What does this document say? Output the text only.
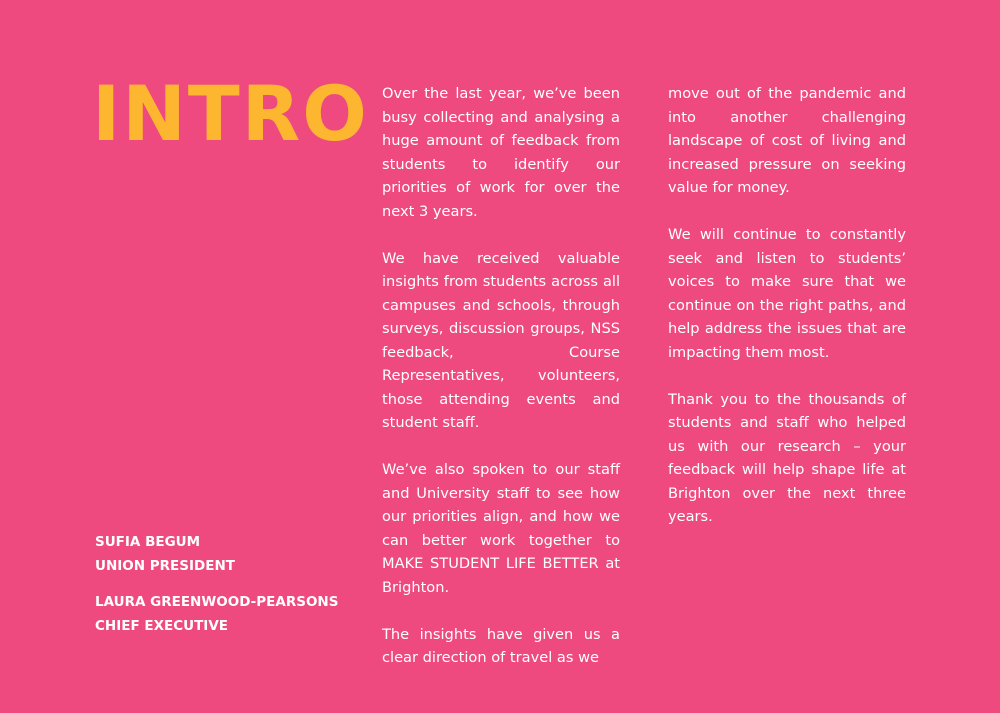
INTRO
SUFIA BEGUM
UNION PRESIDENT
LAURA GREENWOOD-PEARSONS
CHIEF EXECUTIVE

Over the last year, we’ve been busy collecting and analysing a huge amount of feedback from students to identify our priorities of work for over the next 3 years.

We have received valuable insights from students across all campuses and schools, through surveys, discussion groups, NSS feedback, Course Representatives, volunteers, those attending events and student staff.

We’ve also spoken to our staff and University staff to see how our priorities align, and how we can better work together to MAKE STUDENT LIFE BETTER at Brighton.

The insights have given us a clear direction of travel as we

move out of the pandemic and into another challenging landscape of cost of living and increased pressure on seeking value for money.

We will continue to constantly seek and listen to students’ voices to make sure that we continue on the right paths, and help address the issues that are impacting them most.

Thank you to the thousands of students and staff who helped us with our research – your feedback will help shape life at Brighton over the next three years.
